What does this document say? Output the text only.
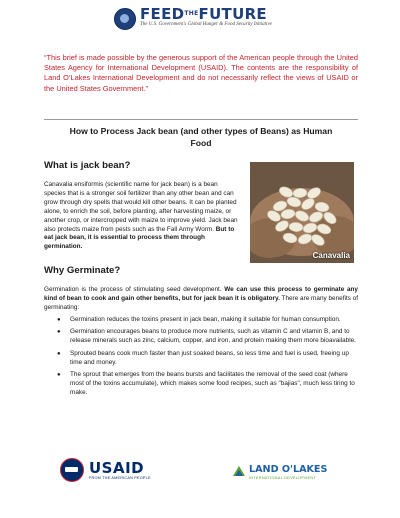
$FEED^{THE}FUTURE$
The U.S. Government's Global Hunger & Food Security Initiative

“This brief is made possible by the generous support of the American people through the United States Agency for International Development (USAID). The contents are the responsibility of Land O’Lakes International Development and do not necessarily reflect the views of USAID or the United States Government.”

How to Process Jack bean (and other types of Beans) as Human Food
What is jack bean?

Canavalia ensiformis (scientific name for jack bean) is a bean species that is a stronger soil fertilizer than any other bean and can grow through dry spells that would kill other beans. It can be planted alone, to enrich the soil, before planting, after harvesting maize, or another crop, or intercropped with maize to improve yield. Jack bean also protects maize from pests such as the Fall Army Worm. But to eat jack bean, it is essential to process them through germination.

Canavalia
Why Germinate?

Germination is the process of stimulating seed development. We can use this process to germinate any kind of bean to cook and gain other benefits, but for jack bean it is obligatory. There are many benefits of germinating:

● Germination reduces the toxins present in jack bean, making it suitable for human consumption.
● Germination encourages beans to produce more nutrients, such as vitamin C and vitamin B, and to release minerals such as zinc, calcium, copper, and iron, and protein making them more bioavailable.
● Sprouted beans cook much faster than just soaked beans, so less time and fuel is used, freeing up time and money.
● The sprout that emerges from the beans bursts and facilitates the removal of the seed coat (where most of the toxins accumulate), which makes some food recipes, such as "bajias", much less tiring to make.
USAID
FROM THE AMERICAN PEOPLE
LAND O'LAKES
INTERNATIONAL DEVELOPMENT
